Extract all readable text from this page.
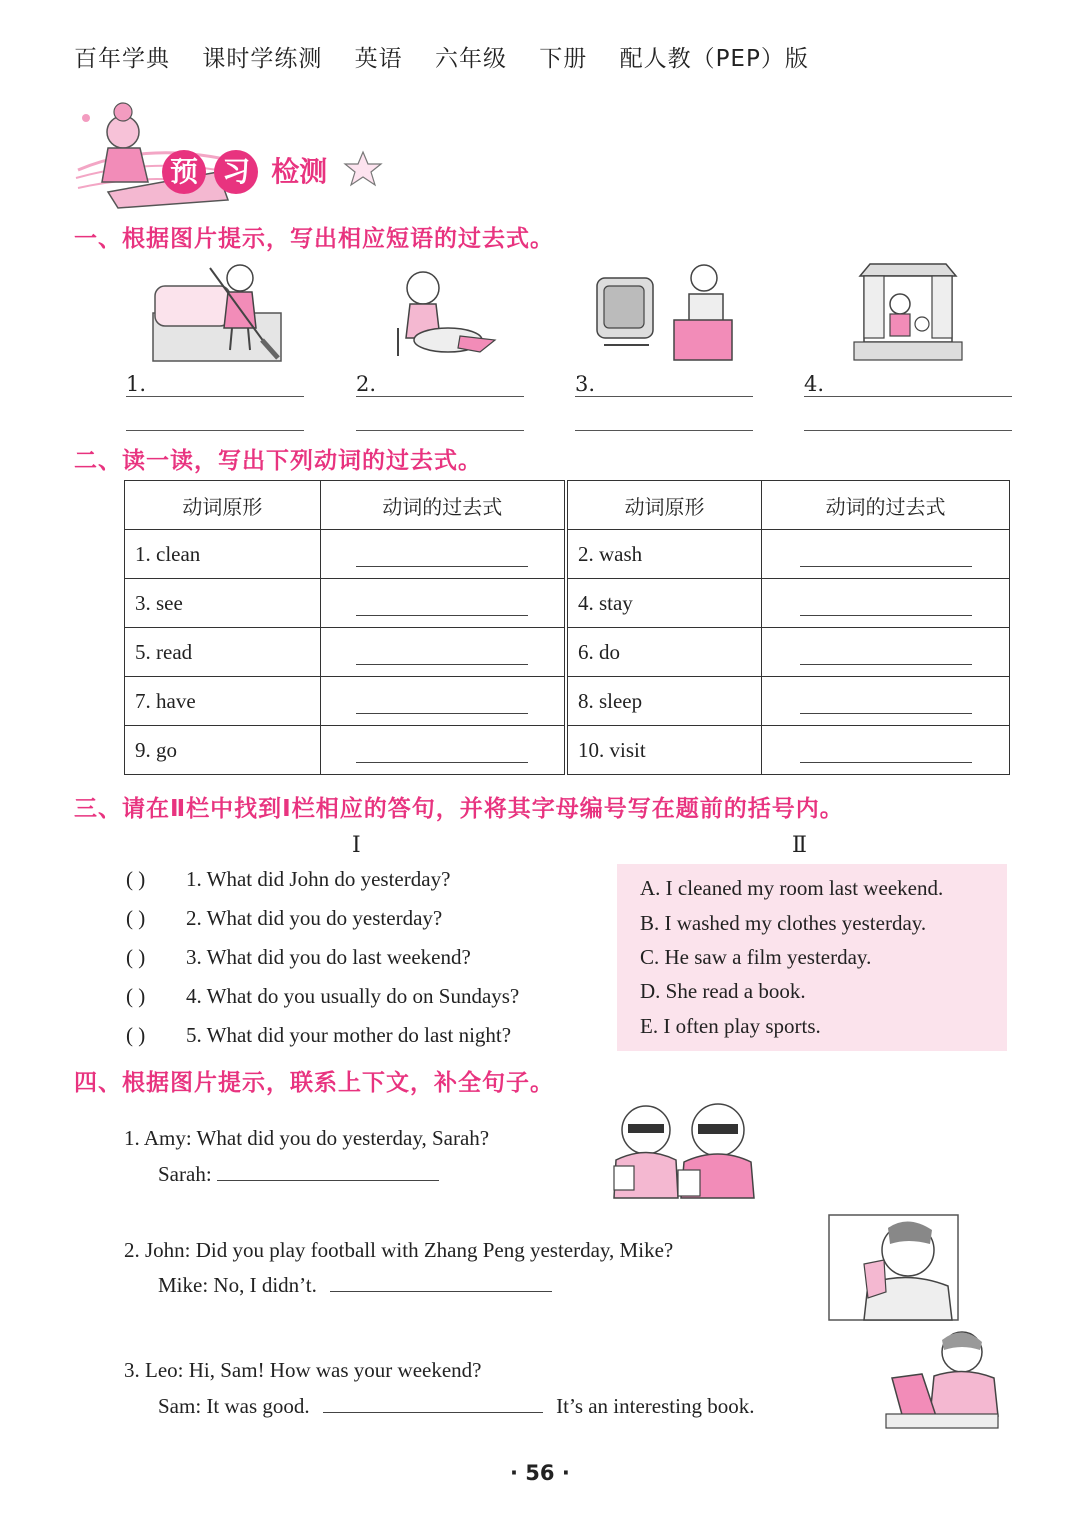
百年学典 课时学练测 英语 六年级 下册 配人教（PEP）版
预 习 检测
一、根据图片提示，写出相应短语的过去式。
1.	2.	3.	4.
二、读一读，写出下列动词的过去式。
动词原形	动词的过去式	动词原形	动词的过去式
1. clean		2. wash	
3. see		4. stay	
5. read		6. do	
7. have		8. sleep	
9. go		10. visit	
三、请在Ⅱ栏中找到Ⅰ栏相应的答句，并将其字母编号写在题前的括号内。
Ⅰ	Ⅱ
( ) 1. What did John do yesterday?
( ) 2. What did you do yesterday?
( ) 3. What did you do last weekend?
( ) 4. What do you usually do on Sundays?
( ) 5. What did your mother do last night?
A. I cleaned my room last weekend.
B. I washed my clothes yesterday.
C. He saw a film yesterday.
D. She read a book.
E. I often play sports.
四、根据图片提示，联系上下文，补全句子。
1. Amy: What did you do yesterday, Sarah?
Sarah:
2. John: Did you play football with Zhang Peng yesterday, Mike?
Mike: No, I didn’t.
3. Leo: Hi, Sam! How was your weekend?
Sam: It was good.	It’s an interesting book.
· 56 ·
